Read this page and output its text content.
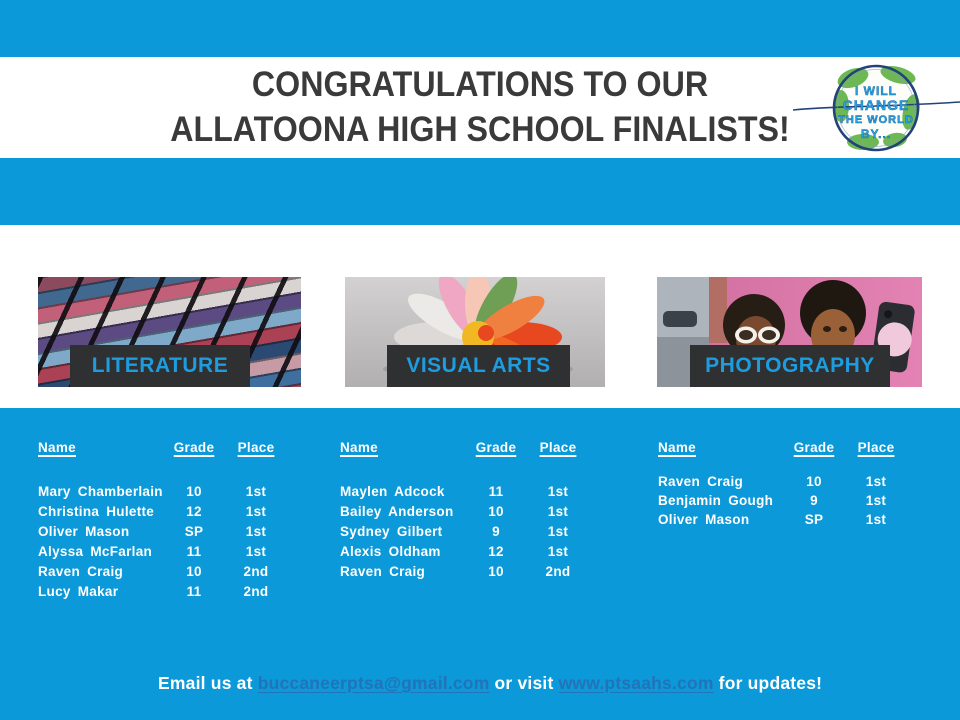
CONGRATULATIONS TO OUR
ALLATOONA HIGH SCHOOL FINALISTS!
I WILL
CHANGE
THE WORLD
BY...
LITERATURE	VISUAL ARTS	PHOTOGRAPHY
Name	Grade	Place
Mary Chamberlain	10	1st
Christina Hulette	12	1st
Oliver Mason	SP	1st
Alyssa McFarlan	11	1st
Raven Craig	10	2nd
Lucy Makar	11	2nd
Name	Grade	Place
Maylen Adcock	11	1st
Bailey Anderson	10	1st
Sydney Gilbert	9	1st
Alexis Oldham	12	1st
Raven Craig	10	2nd
Name	Grade	Place
Raven Craig	10	1st
Benjamin Gough	9	1st
Oliver Mason	SP	1st

Email us at buccaneerptsa@gmail.com or visit www.ptsaahs.com for updates!
